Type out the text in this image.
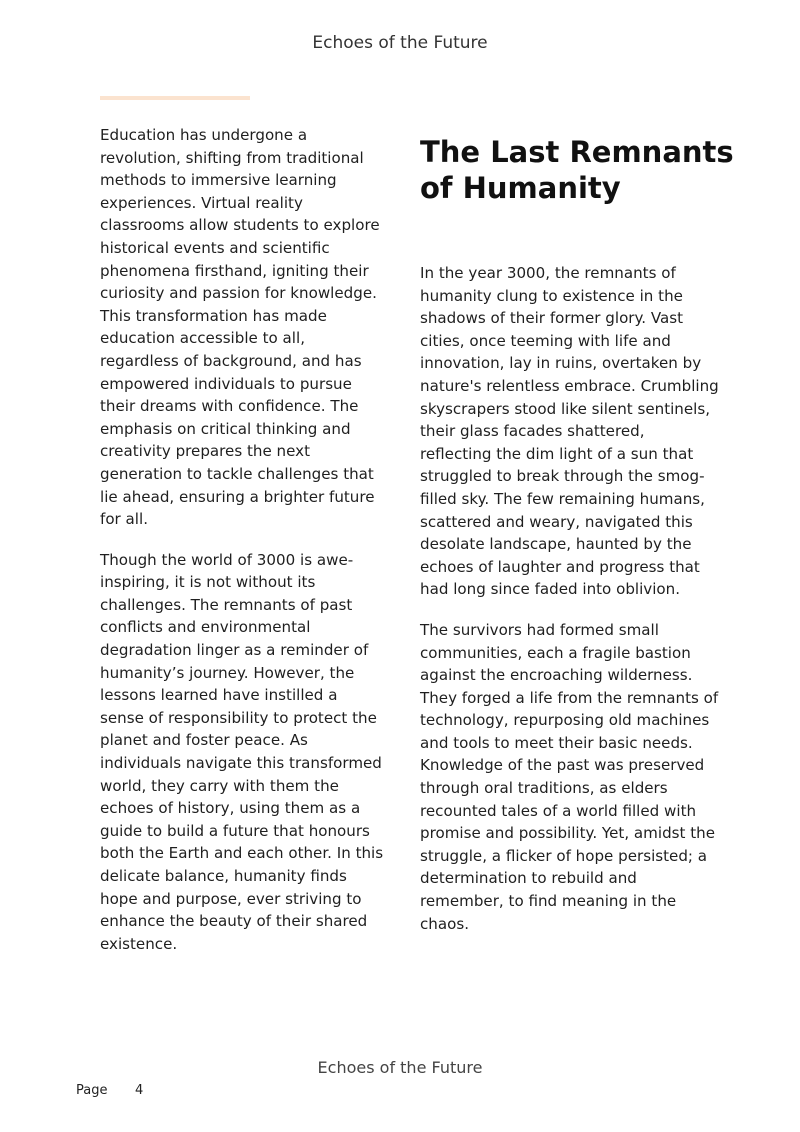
Echoes of the Future

Education has undergone a revolution, shifting from traditional methods to immersive learning experiences. Virtual reality classrooms allow students to explore historical events and scientific phenomena firsthand, igniting their curiosity and passion for knowledge. This transformation has made education accessible to all, regardless of background, and has empowered individuals to pursue their dreams with confidence. The emphasis on critical thinking and creativity prepares the next generation to tackle challenges that lie ahead, ensuring a brighter future for all.

Though the world of 3000 is awe-inspiring, it is not without its challenges. The remnants of past conflicts and environmental degradation linger as a reminder of humanity’s journey. However, the lessons learned have instilled a sense of responsibility to protect the planet and foster peace. As individuals navigate this transformed world, they carry with them the echoes of history, using them as a guide to build a future that honours both the Earth and each other. In this delicate balance, humanity finds hope and purpose, ever striving to enhance the beauty of their shared existence.

The Last Remnants of Humanity

In the year 3000, the remnants of humanity clung to existence in the shadows of their former glory. Vast cities, once teeming with life and innovation, lay in ruins, overtaken by nature's relentless embrace. Crumbling skyscrapers stood like silent sentinels, their glass facades shattered, reflecting the dim light of a sun that struggled to break through the smog-filled sky. The few remaining humans, scattered and weary, navigated this desolate landscape, haunted by the echoes of laughter and progress that had long since faded into oblivion.

The survivors had formed small communities, each a fragile bastion against the encroaching wilderness. They forged a life from the remnants of technology, repurposing old machines and tools to meet their basic needs. Knowledge of the past was preserved through oral traditions, as elders recounted tales of a world filled with promise and possibility. Yet, amidst the struggle, a flicker of hope persisted; a determination to rebuild and remember, to find meaning in the chaos.

Echoes of the Future
Page 4
